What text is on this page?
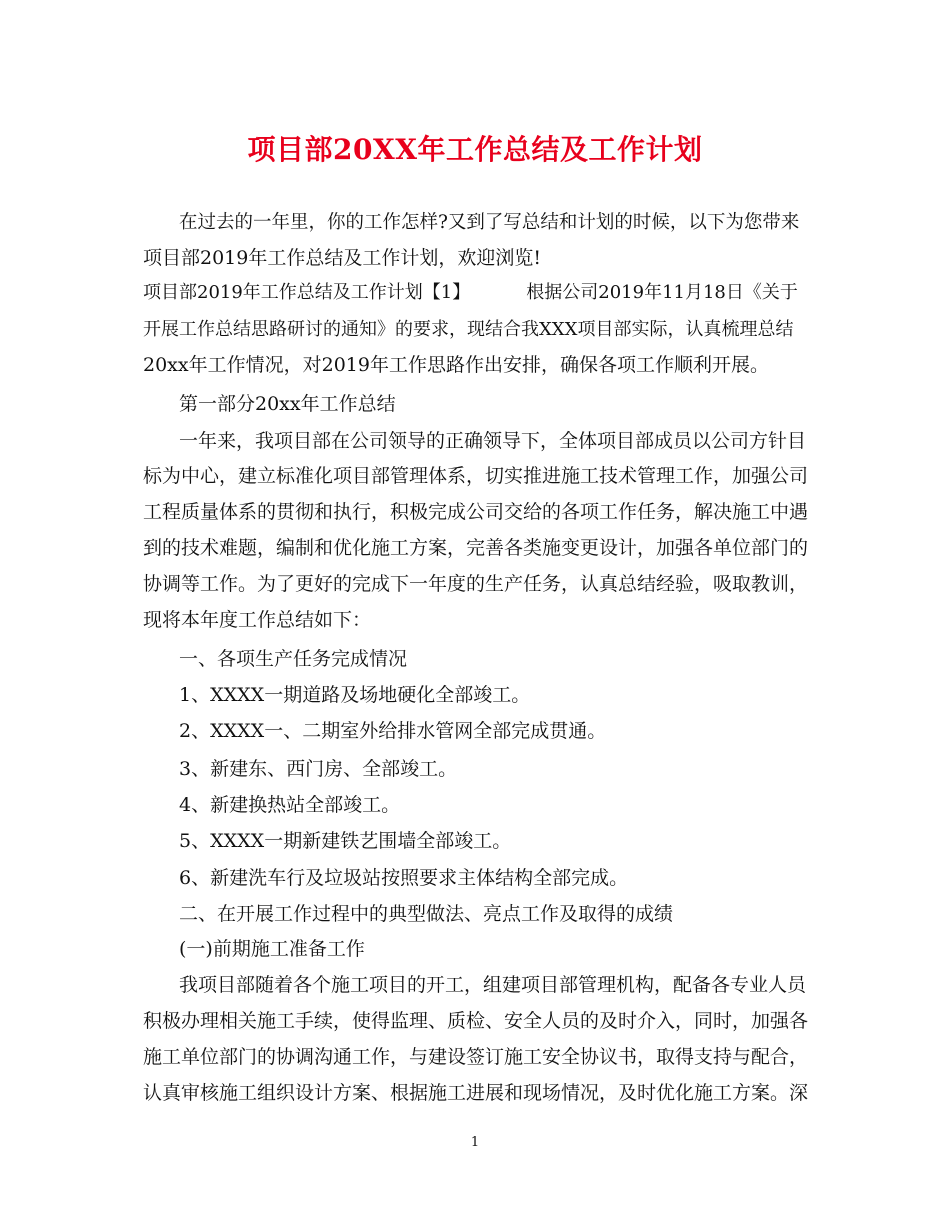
项目部20XX年工作总结及工作计划
在过去的一年里，你的工作怎样?又到了写总结和计划的时候，以下为您带来
项目部2019年工作总结及工作计划，欢迎浏览!
项目部2019年工作总结及工作计划【1】	根据公司2019年11月18日《关于
开展工作总结思路研讨的通知》的要求，现结合我XXX项目部实际，认真梳理总结
20xx年工作情况，对2019年工作思路作出安排，确保各项工作顺利开展。
第一部分20xx年工作总结
一年来，我项目部在公司领导的正确领导下，全体项目部成员以公司方针目
标为中心，建立标准化项目部管理体系，切实推进施工技术管理工作，加强公司
工程质量体系的贯彻和执行，积极完成公司交给的各项工作任务，解决施工中遇
到的技术难题，编制和优化施工方案，完善各类施变更设计，加强各单位部门的
协调等工作。为了更好的完成下一年度的生产任务，认真总结经验，吸取教训，
现将本年度工作总结如下：
一、各项生产任务完成情况
1、XXXX一期道路及场地硬化全部竣工。
2、XXXX一、二期室外给排水管网全部完成贯通。
3、新建东、西门房、全部竣工。
4、新建换热站全部竣工。
5、XXXX一期新建铁艺围墙全部竣工。
6、新建洗车行及垃圾站按照要求主体结构全部完成。
二、在开展工作过程中的典型做法、亮点工作及取得的成绩
(一)前期施工准备工作
我项目部随着各个施工项目的开工，组建项目部管理机构，配备各专业人员
积极办理相关施工手续，使得监理、质检、安全人员的及时介入，同时，加强各
施工单位部门的协调沟通工作，与建设签订施工安全协议书，取得支持与配合，
认真审核施工组织设计方案、根据施工进展和现场情况，及时优化施工方案。深
1
